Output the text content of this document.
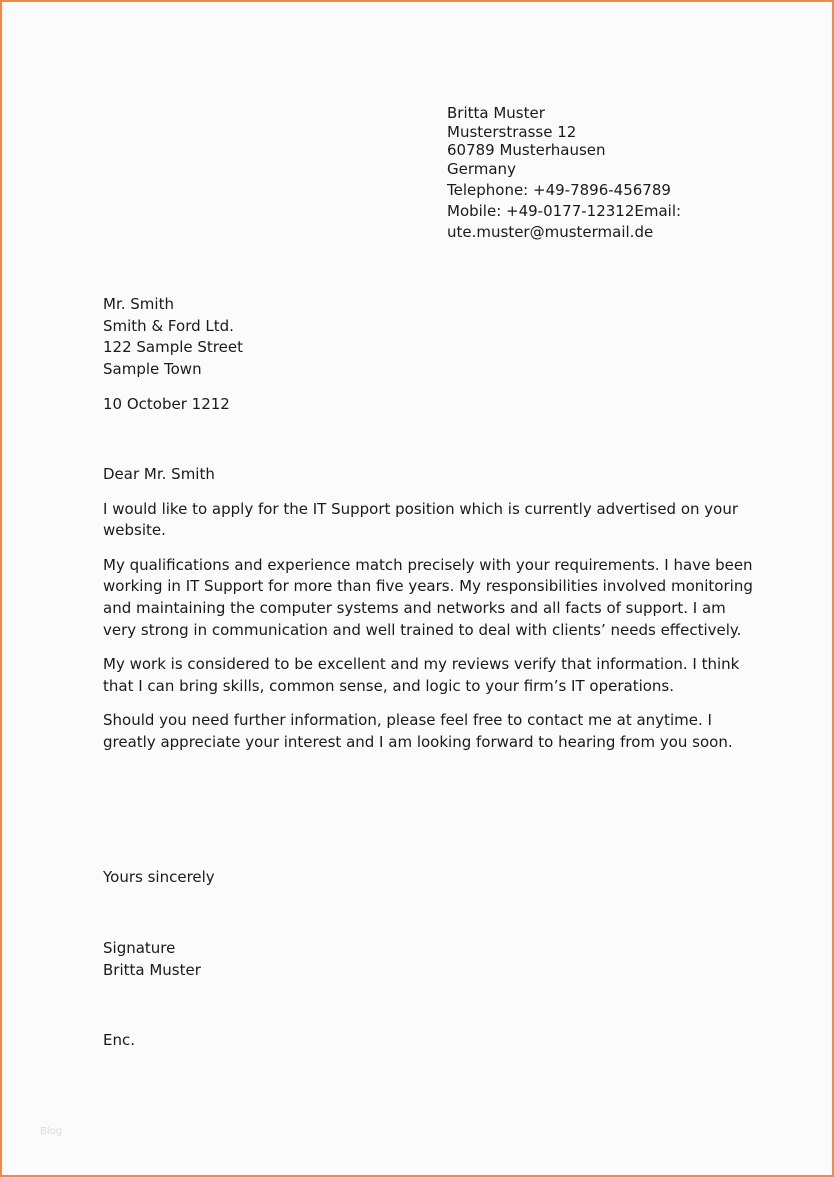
Britta Muster
Musterstrasse 12
60789 Musterhausen
Germany
Telephone: +49-7896-456789
Mobile: +49-0177-12312Email:
ute.muster@mustermail.de
Mr. Smith
Smith & Ford Ltd.
122 Sample Street
Sample Town
10 October 1212

Dear Mr. Smith

I would like to apply for the IT Support position which is currently advertised on your website.

My qualifications and experience match precisely with your requirements. I have been working in IT Support for more than five years. My responsibilities involved monitoring and maintaining the computer systems and networks and all facts of support. I am very strong in communication and well trained to deal with clients’ needs effectively.

My work is considered to be excellent and my reviews verify that information. I think that I can bring skills, common sense, and logic to your firm’s IT operations.

Should you need further information, please feel free to contact me at anytime. I greatly appreciate your interest and I am looking forward to hearing from you soon.

Yours sincerely
Signature
Britta Muster
Enc.
Blog
